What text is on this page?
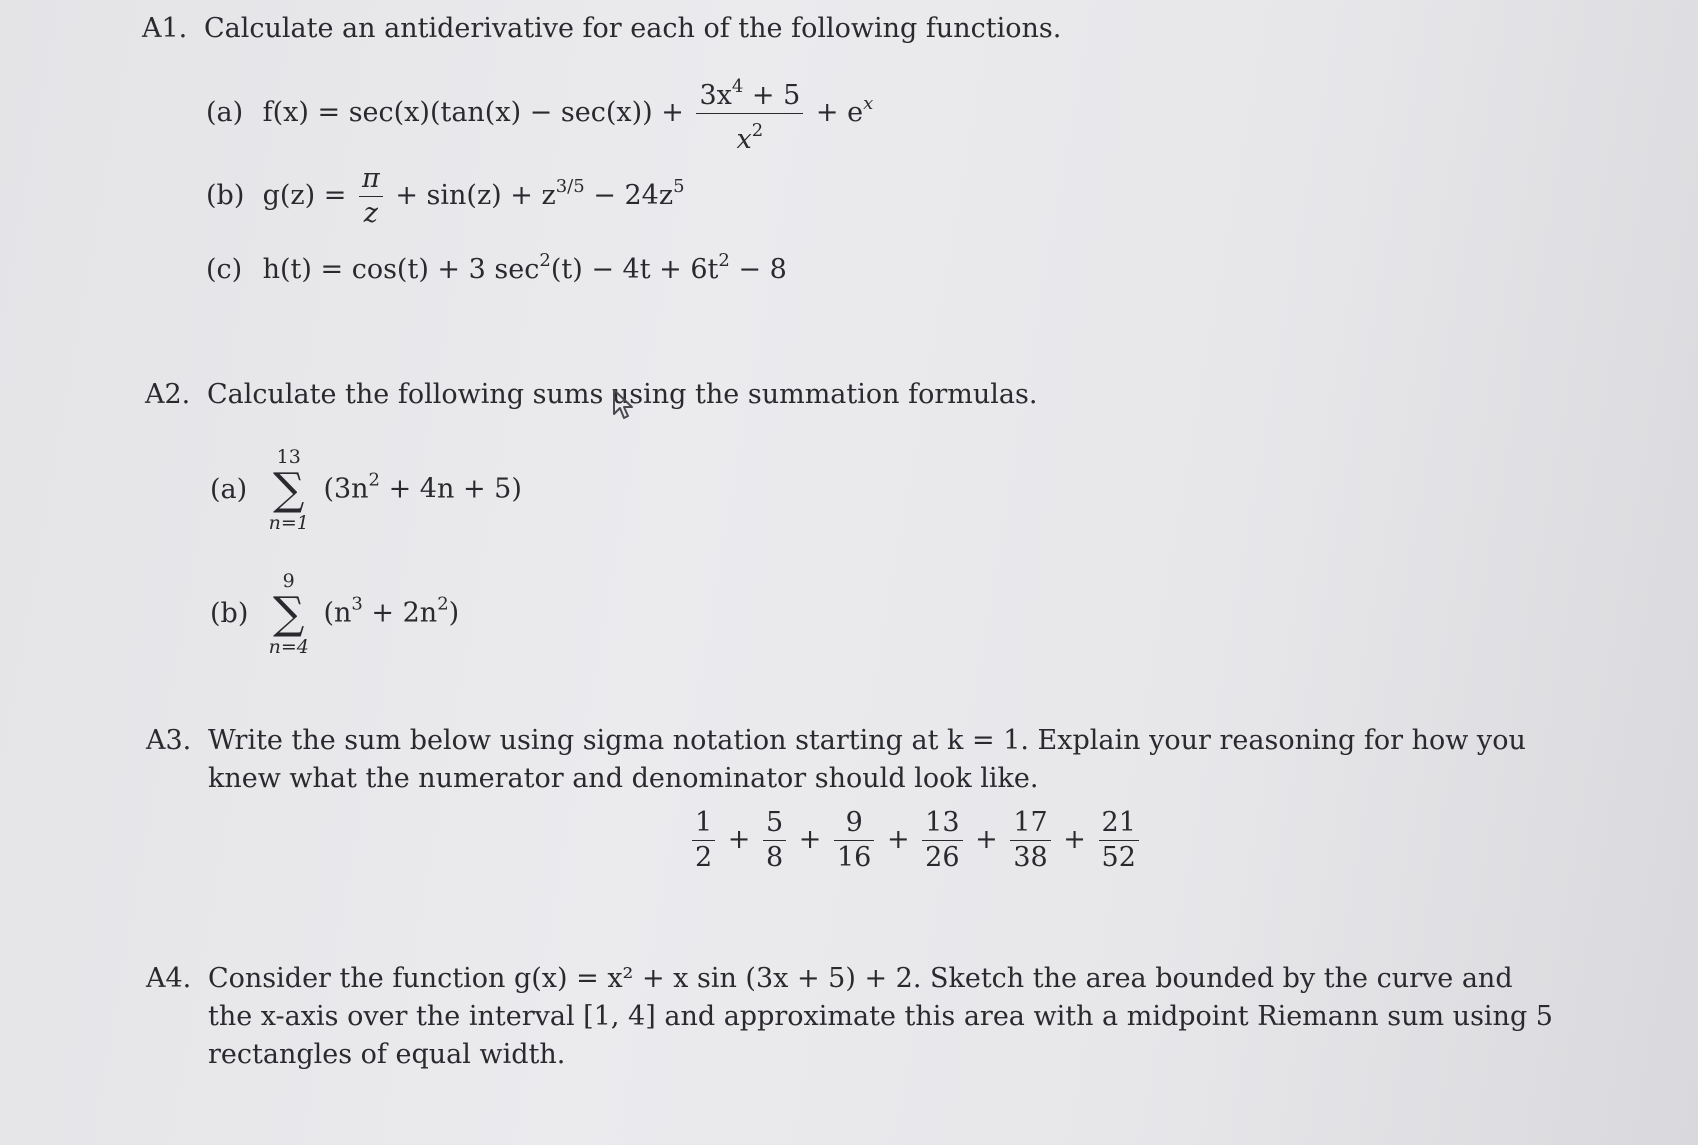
A1. Calculate an antiderivative for each of the following functions.
(a) $f(x) = \sec(x)(\tan(x) - \sec(x)) + \frac{3x^4 + 5}{x^2} + e^x$
(b) $g(z) = \frac{\pi}{z} + \sin(z) + z^{3/5} - 24z^5$
(c) h(t) = cos(t) + 3 $\sec^2(t) - 4t + 6t^2 - 8$
A2. Calculate the following sums using the summation formulas.
(a)
13
∑
n=1
$(3n^2 + 4n + 5)$
(b)
9
∑
n=4
$(n^3 + 2n^2)$
A3. Write the sum below using sigma notation starting at k = 1. Explain your reasoning for how you
knew what the numerator and denominator should look like.
$\frac{1}{2} + \frac{5}{8} + \frac{9}{16} + \frac{13}{26} + \frac{17}{38} + \frac{21}{52}$
A4. Consider the function g(x) = x² + x sin (3x + 5) + 2. Sketch the area bounded by the curve and
the x-axis over the interval [1, 4] and approximate this area with a midpoint Riemann sum using 5
rectangles of equal width.
